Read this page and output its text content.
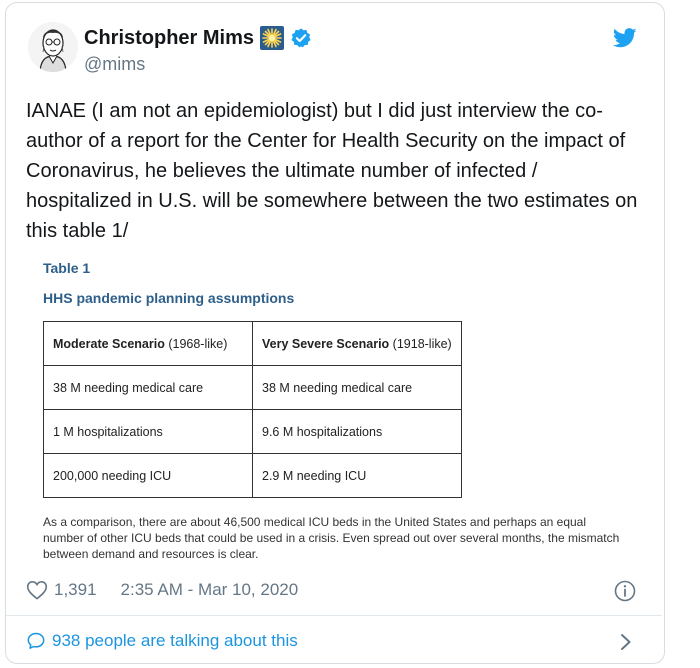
Christopher Mims
@mims
IANAE (I am not an epidemiologist) but I did just interview the co-author of a report for the Center for Health Security on the impact of Coronavirus, he believes the ultimate number of infected / hospitalized in U.S. will be somewhere between the two estimates on this table 1/
Table 1
HHS pandemic planning assumptions
Moderate Scenario (1968-like)	Very Severe Scenario (1918-like)
38 M needing medical care	38 M needing medical care
1 M hospitalizations	9.6 M hospitalizations
200,000 needing ICU	2.9 M needing ICU
As a comparison, there are about 46,500 medical ICU beds in the United States and perhaps an equal number of other ICU beds that could be used in a crisis. Even spread out over several months, the mismatch between demand and resources is clear.
1,391 2:35 AM - Mar 10, 2020
938 people are talking about this
